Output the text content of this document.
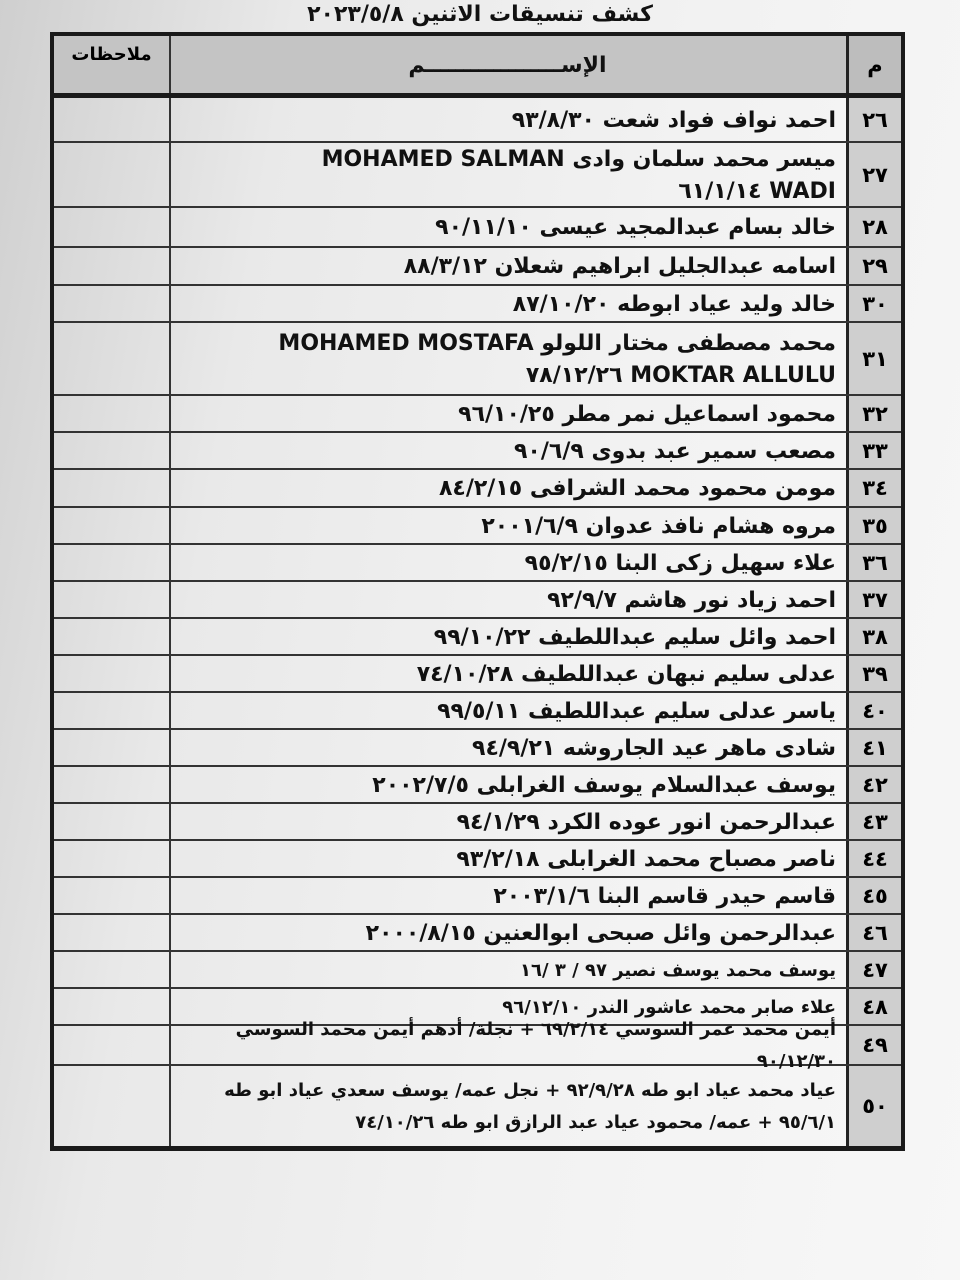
كشف تنسيقات الاثنين ٢٠٢٣/٥/٨
م
الإســــــــــــــــــم
ملاحظات
٢٦
احمد نواف فواد شعت ٩٣/٨/٣٠
٢٧
ميسر محمد سلمان وادى MOHAMED SALMAN
WADI ٦١/١/١٤
٢٨
خالد بسام عبدالمجيد عيسى ٩٠/١١/١٠
٢٩
اسامه عبدالجليل ابراهيم شعلان ٨٨/٣/١٢
٣٠
خالد وليد عياد ابوطه ٨٧/١٠/٢٠
٣١
محمد مصطفى مختار اللولو MOHAMED MOSTAFA
MOKTAR ALLULU ٧٨/١٢/٢٦
٣٢
محمود اسماعيل نمر مطر ٩٦/١٠/٢٥
٣٣
مصعب سمير عبد بدوى ٩٠/٦/٩
٣٤
مومن محمود محمد الشرافى ٨٤/٢/١٥
٣٥
مروه هشام نافذ عدوان ٢٠٠١/٦/٩
٣٦
علاء سهيل زكى البنا ٩٥/٢/١٥
٣٧
احمد زياد نور هاشم ٩٢/٩/٧
٣٨
احمد وائل سليم عبداللطيف ٩٩/١٠/٢٢
٣٩
عدلى سليم نبهان عبداللطيف ٧٤/١٠/٢٨
٤٠
ياسر عدلى سليم عبداللطيف ٩٩/٥/١١
٤١
شادى ماهر عيد الجاروشه ٩٤/٩/٢١
٤٢
يوسف عبدالسلام يوسف الغرابلى ٢٠٠٢/٧/٥
٤٣
عبدالرحمن انور عوده الكرد ٩٤/١/٢٩
٤٤
ناصر مصباح محمد الغرابلى ٩٣/٢/١٨
٤٥
قاسم حيدر قاسم البنا ٢٠٠٣/١/٦
٤٦
عبدالرحمن وائل صبحى ابوالعنين ٢٠٠٠/٨/١٥
٤٧
يوسف محمد يوسف نصير ٩٧ / ٣ /١٦
٤٨
علاء صابر محمد عاشور الندر ٩٦/١٢/١٠
٤٩
أيمن محمد عمر السوسي ٦٩/٢/١٤ + نجلة/ أدهم أيمن محمد السوسي ٩٠/١٢/٣٠
٥٠
عياد محمد عياد ابو طه ٩٢/٩/٢٨ + نجل عمه/ يوسف سعدي عياد ابو طه
٩٥/٦/١ + عمه/ محمود عياد عبد الرازق ابو طه ٧٤/١٠/٢٦
